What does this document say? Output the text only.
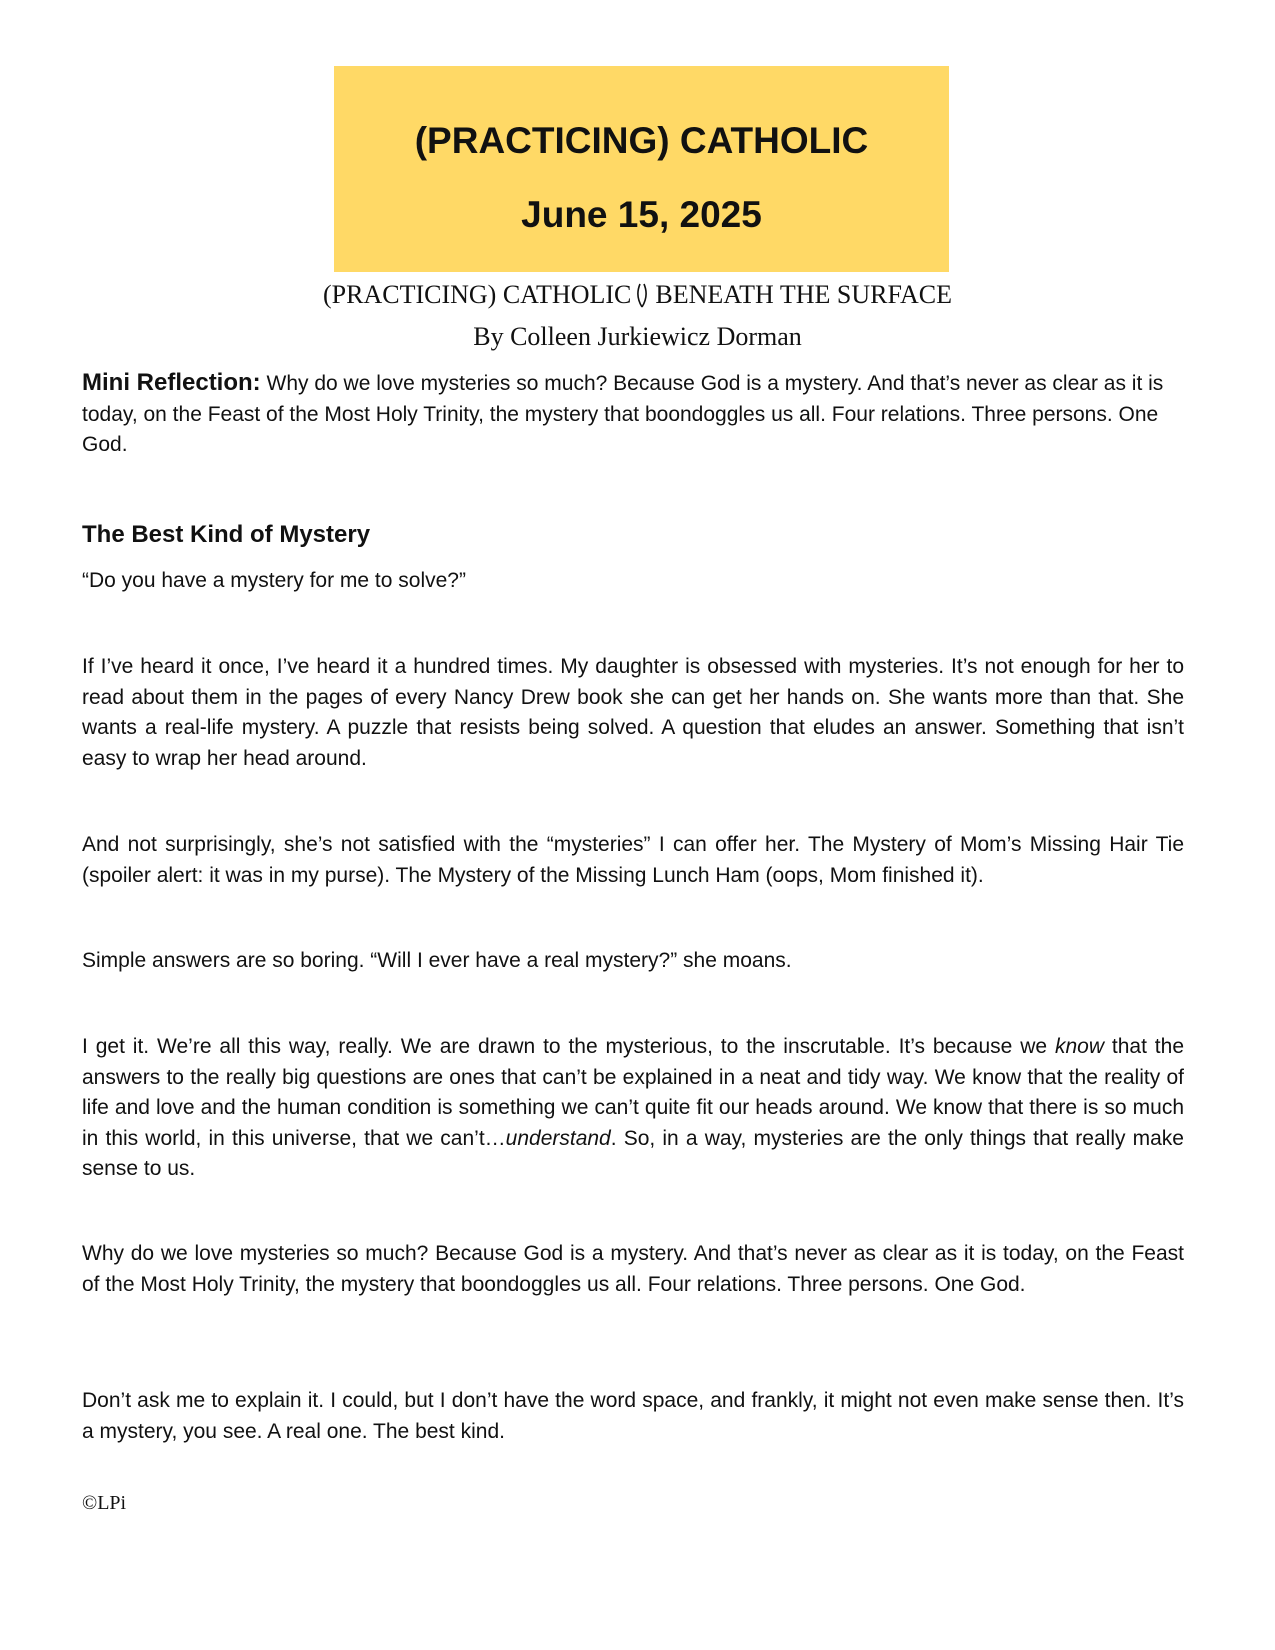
(PRACTICING) CATHOLIC
June 15, 2025
(PRACTICING) CATHOLIC BENEATH THE SURFACE
By Colleen Jurkiewicz Dorman
Mini Reflection: Why do we love mysteries so much? Because God is a mystery. And that’s never as clear as it is today, on the Feast of the Most Holy Trinity, the mystery that boondoggles us all. Four relations. Three persons. One God.
The Best Kind of Mystery
“Do you have a mystery for me to solve?”
If I’ve heard it once, I’ve heard it a hundred times. My daughter is obsessed with mysteries. It’s not enough for her to read about them in the pages of every Nancy Drew book she can get her hands on. She wants more than that. She wants a real-life mystery. A puzzle that resists being solved. A question that eludes an answer. Something that isn’t easy to wrap her head around.
And not surprisingly, she’s not satisfied with the “mysteries” I can offer her. The Mystery of Mom’s Missing Hair Tie (spoiler alert: it was in my purse). The Mystery of the Missing Lunch Ham (oops, Mom finished it).
Simple answers are so boring. “Will I ever have a real mystery?” she moans.
I get it. We’re all this way, really. We are drawn to the mysterious, to the inscrutable. It’s because we know that the answers to the really big questions are ones that can’t be explained in a neat and tidy way. We know that the reality of life and love and the human condition is something we can’t quite fit our heads around. We know that there is so much in this world, in this universe, that we can’t…understand. So, in a way, mysteries are the only things that really make sense to us.
Why do we love mysteries so much? Because God is a mystery. And that’s never as clear as it is today, on the Feast of the Most Holy Trinity, the mystery that boondoggles us all. Four relations. Three persons. One God.
Don’t ask me to explain it. I could, but I don’t have the word space, and frankly, it might not even make sense then. It’s a mystery, you see. A real one. The best kind.
©LPi
